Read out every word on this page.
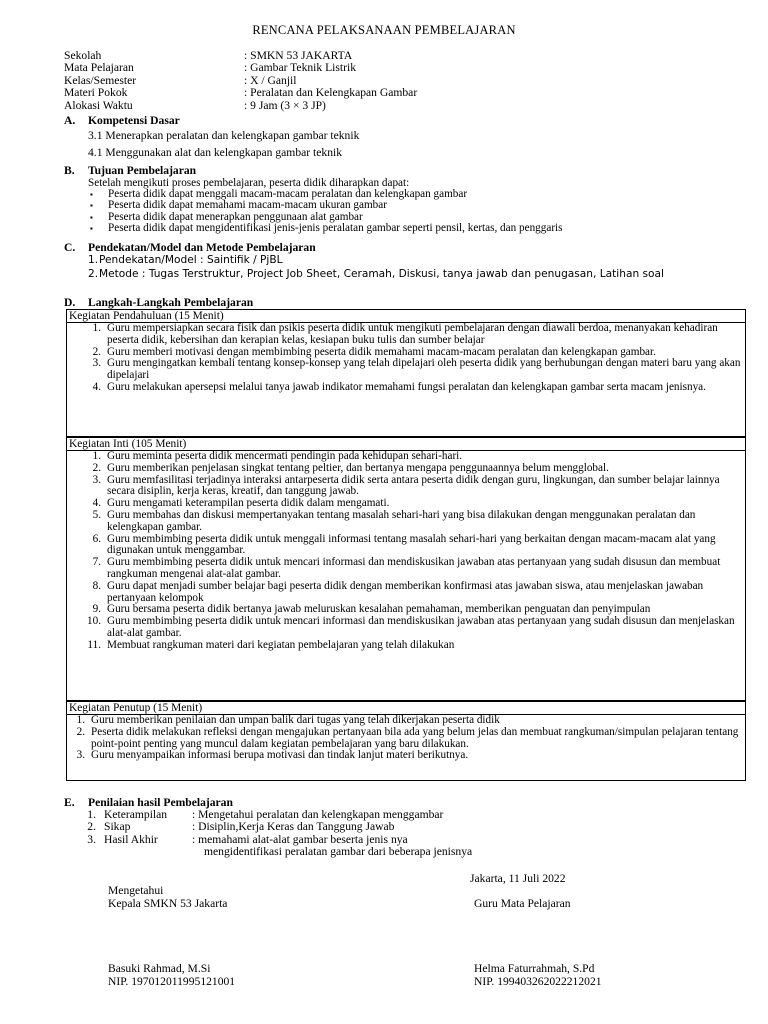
RENCANA PELAKSANAAN PEMBELAJARAN
Sekolah	: SMKN 53 JAKARTA
Mata Pelajaran	: Gambar Teknik Listrik
Kelas/Semester	: X / Ganjil
Materi Pokok	: Peralatan dan Kelengkapan Gambar
Alokasi Waktu	: 9 Jam (3 × 3 JP)
A.	Kompetensi Dasar
3.1 Menerapkan peralatan dan kelengkapan gambar teknik
4.1 Menggunakan alat dan kelengkapan gambar teknik
B.	Tujuan Pembelajaran
Setelah mengikuti proses pembelajaran, peserta didik diharapkan dapat:
▪	Peserta didik dapat menggali macam-macam peralatan dan kelengkapan gambar
▪	Peserta didik dapat memahami macam-macam ukuran gambar
▪	Peserta didik dapat menerapkan penggunaan alat gambar
▪	Peserta didik dapat mengidentifikasi jenis-jenis peralatan gambar seperti pensil, kertas, dan penggaris
C.	Pendekatan/Model dan Metode Pembelajaran
1. Pendekatan/Model : Saintifik / PjBL
2. Metode : Tugas Terstruktur, Project Job Sheet, Ceramah, Diskusi, tanya jawab dan penugasan, Latihan soal
D.	Langkah-Langkah Pembelajaran
Kegiatan Pendahuluan (15 Menit)
1. Guru mempersiapkan secara fisik dan psikis peserta didik untuk mengikuti pembelajaran dengan diawali berdoa, menanyakan kehadiran peserta didik, kebersihan dan kerapian kelas, kesiapan buku tulis dan sumber belajar
2. Guru memberi motivasi dengan membimbing peserta didik memahami macam-macam peralatan dan kelengkapan gambar.
3. Guru mengingatkan kembali tentang konsep-konsep yang telah dipelajari oleh peserta didik yang berhubungan dengan materi baru yang akan dipelajari
4. Guru melakukan apersepsi melalui tanya jawab indikator memahami fungsi peralatan dan kelengkapan gambar serta macam jenisnya.
Kegiatan Inti (105 Menit)
1. Guru meminta peserta didik mencermati pendingin pada kehidupan sehari-hari.
2. Guru memberikan penjelasan singkat tentang peltier, dan bertanya mengapa penggunaannya belum mengglobal.
3. Guru memfasilitasi terjadinya interaksi antarpeserta didik serta antara peserta didik dengan guru, lingkungan, dan sumber belajar lainnya secara disiplin, kerja keras, kreatif, dan tanggung jawab.
4. Guru mengamati keterampilan peserta didik dalam mengamati.
5. Guru membahas dan diskusi mempertanyakan tentang masalah sehari-hari yang bisa dilakukan dengan menggunakan peralatan dan kelengkapan gambar.
6. Guru membimbing peserta didik untuk menggali informasi tentang masalah sehari-hari yang berkaitan dengan macam-macam alat yang digunakan untuk menggambar.
7. Guru membimbing peserta didik untuk mencari informasi dan mendiskusikan jawaban atas pertanyaan yang sudah disusun dan membuat rangkuman mengenai alat-alat gambar.
8. Guru dapat menjadi sumber belajar bagi peserta didik dengan memberikan konfirmasi atas jawaban siswa, atau menjelaskan jawaban pertanyaan kelompok
9. Guru bersama peserta didik bertanya jawab meluruskan kesalahan pemahaman, memberikan penguatan dan penyimpulan
10. Guru membimbing peserta didik untuk mencari informasi dan mendiskusikan jawaban atas pertanyaan yang sudah disusun dan menjelaskan alat-alat gambar.
11. Membuat rangkuman materi dari kegiatan pembelajaran yang telah dilakukan
Kegiatan Penutup (15 Menit)
1. Guru memberikan penilaian dan umpan balik dari tugas yang telah dikerjakan peserta didik
2. Peserta didik melakukan refleksi dengan mengajukan pertanyaan bila ada yang belum jelas dan membuat rangkuman/simpulan pelajaran tentang point-point penting yang muncul dalam kegiatan pembelajaran yang baru dilakukan.
3. Guru menyampaikan informasi berupa motivasi dan tindak lanjut materi berikutnya.
E.	Penilaian hasil Pembelajaran
1. Keterampilan	: Mengetahui peralatan dan kelengkapan menggambar
2. Sikap	: Disiplin,Kerja Keras dan Tanggung Jawab
3. Hasil Akhir	: memahami alat-alat gambar beserta jenis nya
mengidentifikasi peralatan gambar dari beberapa jenisnya
Jakarta, 11 Juli 2022
Mengetahui
Kepala SMKN 53 Jakarta	Guru Mata Pelajaran
Basuki Rahmad, M.Si
NIP. 197012011995121001
Helma Faturrahmah, S.Pd
NIP. 199403262022212021
